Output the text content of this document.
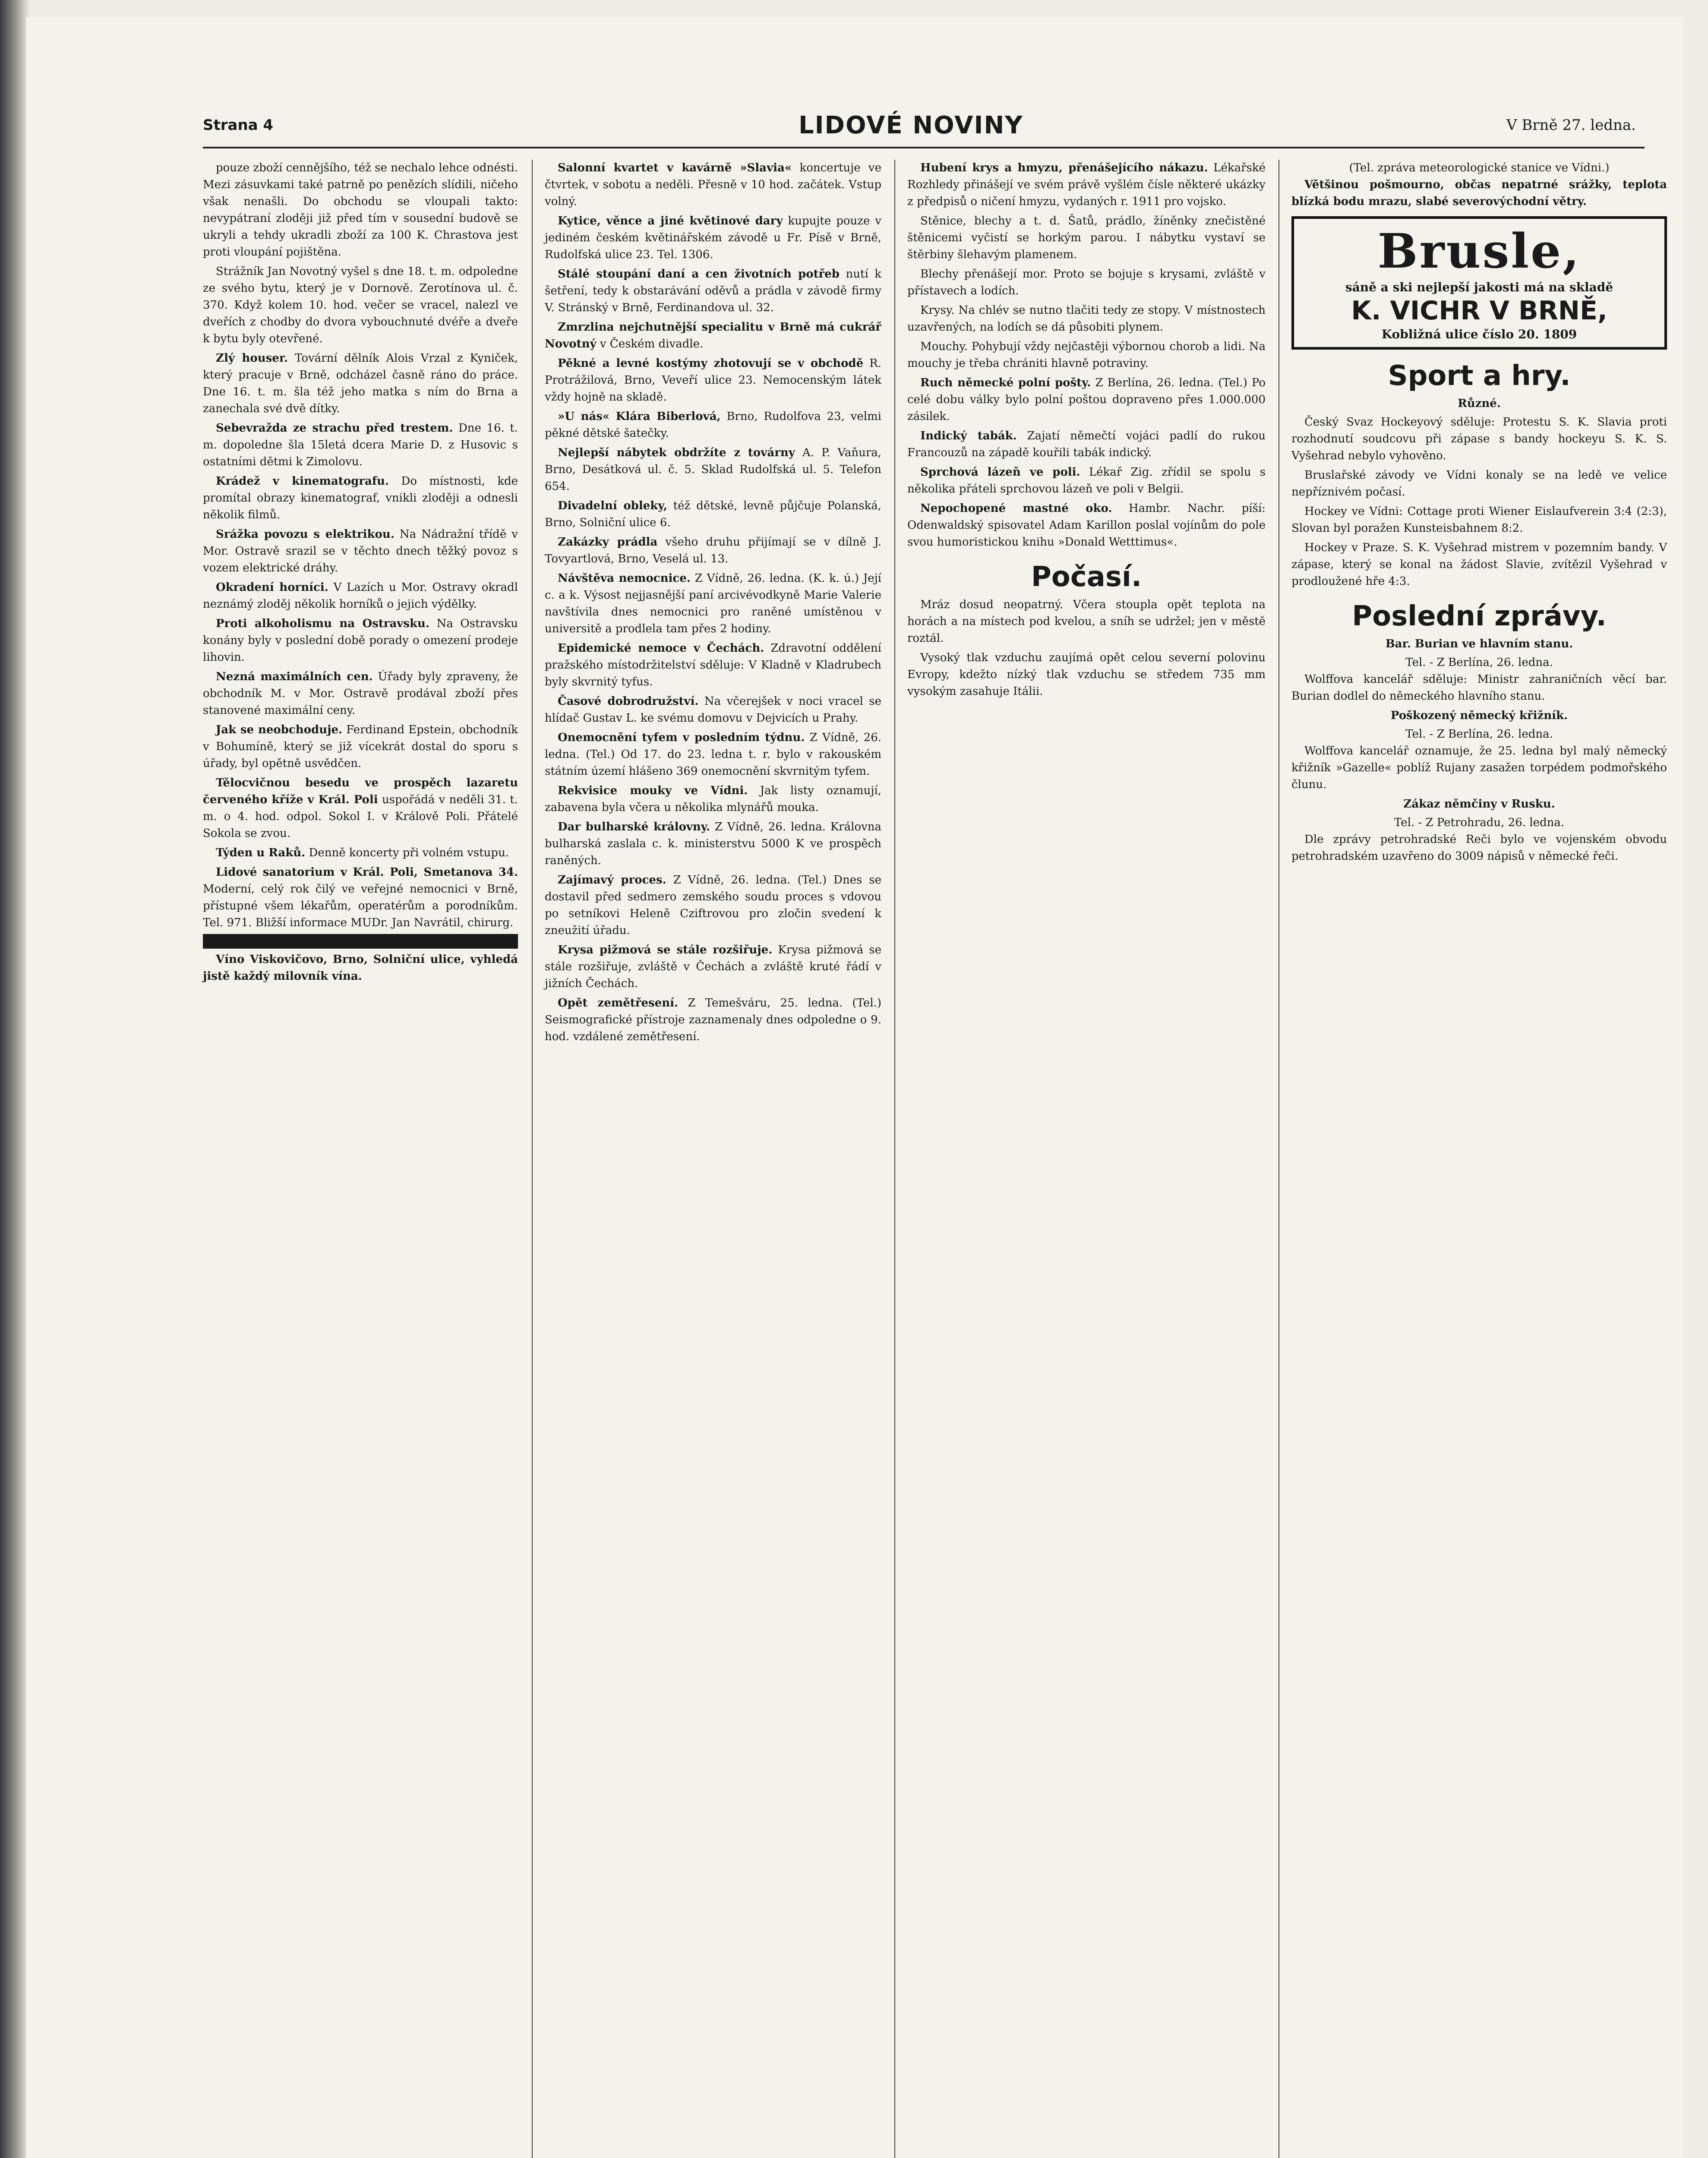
Strana 4	LIDOVÉ NOVINY	V Brně 27. ledna.

pouze zboží cennějšího, též se nechalo lehce odnésti. Mezi zásuvkami také patrně po penězích slídili, ničeho však nenašli. Do obchodu se vloupali takto: nevypátraní zloději již před tím v sousední budově se ukryli a tehdy ukradli zboží za 100 K. Chrastova jest proti vloupání pojištěna.

Strážník Jan Novotný vyšel s dne 18. t. m. odpoledne ze svého bytu, který je v Dornově. Zerotínova ul. č. 370. Když kolem 10. hod. večer se vracel, nalezl ve dveřích z chodby do dvora vybouchnuté dvéře a dveře k bytu byly otevřené.

Zlý houser. Tovární dělník Alois Vrzal z Kyniček, který pracuje v Brně, odcházel časně ráno do práce. Dne 16. t. m. šla též jeho matka s ním do Brna a zanechala své dvě dítky.

Sebevražda ze strachu před trestem. Dne 16. t. m. dopoledne šla 15letá dcera Marie D. z Husovic s ostatními dětmi k Zimolovu.

Krádež v kinematografu. Do místnosti, kde promítal obrazy kinematograf, vnikli zloději a odnesli několik filmů.

Srážka povozu s elektrikou. Na Nádražní třídě v Mor. Ostravě srazil se v těchto dnech těžký povoz s vozem elektrické dráhy.

Okradení horníci. V Lazích u Mor. Ostravy okradl neznámý zloděj několik horníků o jejich výdělky.

Proti alkoholismu na Ostravsku. Na Ostravsku konány byly v poslední době porady o omezení prodeje lihovin.

Nezná maximálních cen. Úřady byly zpraveny, že obchodník M. v Mor. Ostravě prodával zboží přes stanovené maximální ceny.

Jak se neobchoduje. Ferdinand Epstein, obchodník v Bohumíně, který se již vícekrát dostal do sporu s úřady, byl opětně usvědčen.

Tělocvičnou besedu ve prospěch lazaretu červeného kříže v Král. Poli uspořádá v neděli 31. t. m. o 4. hod. odpol. Sokol I. v Králově Poli. Přátelé Sokola se zvou.

Týden u Raků. Denně koncerty při volném vstupu.

Lidové sanatorium v Král. Poli, Smetanova 34. Moderní, celý rok čilý ve veřejné nemocnici v Brně, přístupné všem lékařům, operatérům a porodníkům. Tel. 971. Bližší informace MUDr. Jan Navrátil, chirurg.

Víno Viskovičovo, Brno, Solniční ulice, vyhledá jistě každý milovník vína.

Salonní kvartet v kavárně »Slavia« koncertuje ve čtvrtek, v sobotu a neděli. Přesně v 10 hod. začátek. Vstup volný.

Kytice, věnce a jiné květinové dary kupujte pouze v jediném českém květinářském závodě u Fr. Písě v Brně, Rudolfská ulice 23. Tel. 1306.

Stálé stoupání daní a cen životních potřeb nutí k šetření, tedy k obstarávání oděvů a prádla v závodě firmy V. Stránský v Brně, Ferdinandova ul. 32.

Zmrzlina nejchutnější specialitu v Brně má cukrář Novotný v Českém divadle.

Pěkné a levné kostýmy zhotovují se v obchodě R. Protrážilová, Brno, Veveří ulice 23. Nemocenským látek vždy hojně na skladě.

»U nás« Klára Biberlová, Brno, Rudolfova 23, velmi pěkné dětské šatečky.

Nejlepší nábytek obdržíte z továrny A. P. Vaňura, Brno, Desátková ul. č. 5. Sklad Rudolfská ul. 5. Telefon 654.

Divadelní obleky, též dětské, levně půjčuje Polanská, Brno, Solniční ulice 6.

Zakázky prádla všeho druhu přijímají se v dílně J. Tovyartlová, Brno, Veselá ul. 13.

Návštěva nemocnice. Z Vídně, 26. ledna. (K. k. ú.) Její c. a k. Výsost nejjasnější paní arcivévodkyně Marie Valerie navštívila dnes nemocnici pro raněné umístěnou v universitě a prodlela tam přes 2 hodiny.

Epidemické nemoce v Čechách. Zdravotní oddělení pražského místodržitelství sděluje: V Kladně v Kladrubech byly skvrnitý tyfus.

Časové dobrodružství. Na včerejšek v noci vracel se hlídač Gustav L. ke svému domovu v Dejvicích u Prahy.

Onemocnění tyfem v posledním týdnu. Z Vídně, 26. ledna. (Tel.) Od 17. do 23. ledna t. r. bylo v rakouském státním území hlášeno 369 onemocnění skvrnitým tyfem.

Rekvisice mouky ve Vídni. Jak listy oznamují, zabavena byla včera u několika mlynářů mouka.

Dar bulharské královny. Z Vídně, 26. ledna. Královna bulharská zaslala c. k. ministerstvu 5000 K ve prospěch raněných.

Zajímavý proces. Z Vídně, 26. ledna. (Tel.) Dnes se dostavil před sedmero zemského soudu proces s vdovou po setníkovi Heleně Cziftrovou pro zločin svedení k zneužití úřadu.

Krysa pižmová se stále rozšiřuje. Krysa pižmová se stále rozšiřuje, zvláště v Čechách a zvláště kruté řádí v jižních Čechách.

Opět zemětřesení. Z Temešváru, 25. ledna. (Tel.) Seismografické přístroje zaznamenaly dnes odpoledne o 9. hod. vzdálené zemětřesení.

Hubení krys a hmyzu, přenášejícího nákazu. Lékařské Rozhledy přinášejí ve svém právě vyšlém čísle některé ukázky z předpisů o ničení hmyzu, vydaných r. 1911 pro vojsko.

Stěnice, blechy a t. d. Šatů, prádlo, žíněnky znečistěné štěnicemi vyčistí se horkým parou. I nábytku vystaví se štěrbiny šlehavým plamenem.

Blechy přenášejí mor. Proto se bojuje s krysami, zvláště v přístavech a lodích.

Krysy. Na chlév se nutno tlačiti tedy ze stopy. V místnostech uzavřených, na lodích se dá působiti plynem.

Mouchy. Pohybují vždy nejčastěji výbornou chorob a lidi. Na mouchy je třeba chrániti hlavně potraviny.

Ruch německé polní pošty. Z Berlína, 26. ledna. (Tel.) Po celé dobu války bylo polní poštou dopraveno přes 1.000.000 zásilek.

Indický tabák. Zajatí němečtí vojáci padlí do rukou Francouzů na západě kouřili tabák indický.

Sprchová lázeň ve poli. Lékař Zig. zřídil se spolu s několika přáteli sprchovou lázeň ve poli v Belgii.

Nepochopené mastné oko. Hambr. Nachr. píší: Odenwaldský spisovatel Adam Karillon poslal vojínům do pole svou humoristickou knihu »Donald Wetttimus«.

Počasí.

Mráz dosud neopatrný. Včera stoupla opět teplota na horách a na místech pod kvelou, a sníh se udržel; jen v městě roztál.

Vysoký tlak vzduchu zaujímá opět celou severní polovinu Evropy, kdežto nízký tlak vzduchu se středem 735 mm vysokým zasahuje Itálii.

(Tel. zpráva meteorologické stanice ve Vídni.)

Většinou pošmourno, občas nepatrné srážky, teplota blízká bodu mrazu, slabé severovýchodní větry.

Brusle,
sáně a ski nejlepší jakosti má na skladě
K. VICHR V BRNĚ,
Kobližná ulice číslo 20. 1809
Sport a hry.
Různé.

Český Svaz Hockeyový sděluje: Protestu S. K. Slavia proti rozhodnutí soudcovu při zápase s bandy hockeyu S. K. S. Vyšehrad nebylo vyhověno.

Bruslařské závody ve Vídni konaly se na ledě ve velice nepříznivém počasí.

Hockey ve Vídni: Cottage proti Wiener Eislaufverein 3:4 (2:3), Slovan byl poražen Kunsteisbahnem 8:2.

Hockey v Praze. S. K. Vyšehrad mistrem v pozemním bandy. V zápase, který se konal na žádost Slavie, zvítězil Vyšehrad v prodloužené hře 4:3.

Poslední zprávy.
Bar. Burian ve hlavním stanu.
Tel. - Z Berlína, 26. ledna.

Wolffova kancelář sděluje: Ministr zahraničních věcí bar. Burian dodlel do německého hlavního stanu.

Poškozený německý křižník.
Tel. - Z Berlína, 26. ledna.

Wolffova kancelář oznamuje, že 25. ledna byl malý německý křižník »Gazelle« poblíž Rujany zasažen torpédem podmořského člunu.

Zákaz němčiny v Rusku.
Tel. - Z Petrohradu, 26. ledna.

Dle zprávy petrohradské Reči bylo ve vojenském obvodu petrohradském uzavřeno do 3009 nápisů v německé řeči.
